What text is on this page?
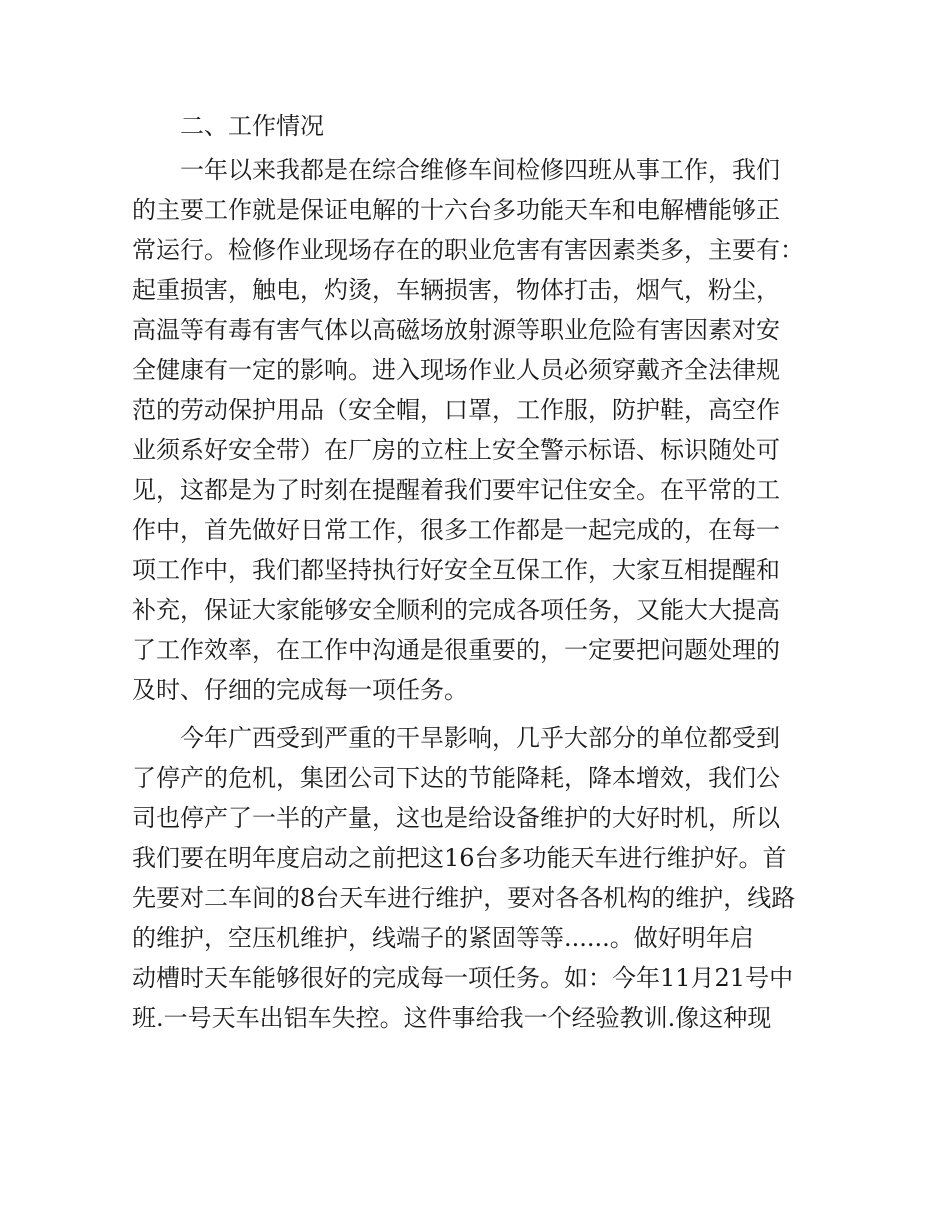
二、工作情况
一年以来我都是在综合维修车间检修四班从事工作，我们
的主要工作就是保证电解的十六台多功能天车和电解槽能够正
常运行。检修作业现场存在的职业危害有害因素类多，主要有：
起重损害，触电，灼烫，车辆损害，物体打击，烟气，粉尘，
高温等有毒有害气体以高磁场放射源等职业危险有害因素对安
全健康有一定的影响。进入现场作业人员必须穿戴齐全法律规
范的劳动保护用品（安全帽，口罩，工作服，防护鞋，高空作
业须系好安全带）在厂房的立柱上安全警示标语、标识随处可
见，这都是为了时刻在提醒着我们要牢记住安全。在平常的工
作中，首先做好日常工作，很多工作都是一起完成的，在每一
项工作中，我们都坚持执行好安全互保工作，大家互相提醒和
补充，保证大家能够安全顺利的完成各项任务，又能大大提高
了工作效率，在工作中沟通是很重要的，一定要把问题处理的
及时、仔细的完成每一项任务。
今年广西受到严重的干旱影响，几乎大部分的单位都受到
了停产的危机，集团公司下达的节能降耗，降本增效，我们公
司也停产了一半的产量，这也是给设备维护的大好时机，所以
我们要在明年度启动之前把这16台多功能天车进行维护好。首
先要对二车间的8台天车进行维护，要对各各机构的维护，线路
的维护，空压机维护，线端子的紧固等等......。做好明年启
动槽时天车能够很好的完成每一项任务。如：今年11月21号中
班.一号天车出铝车失控。这件事给我一个经验教训.像这种现
